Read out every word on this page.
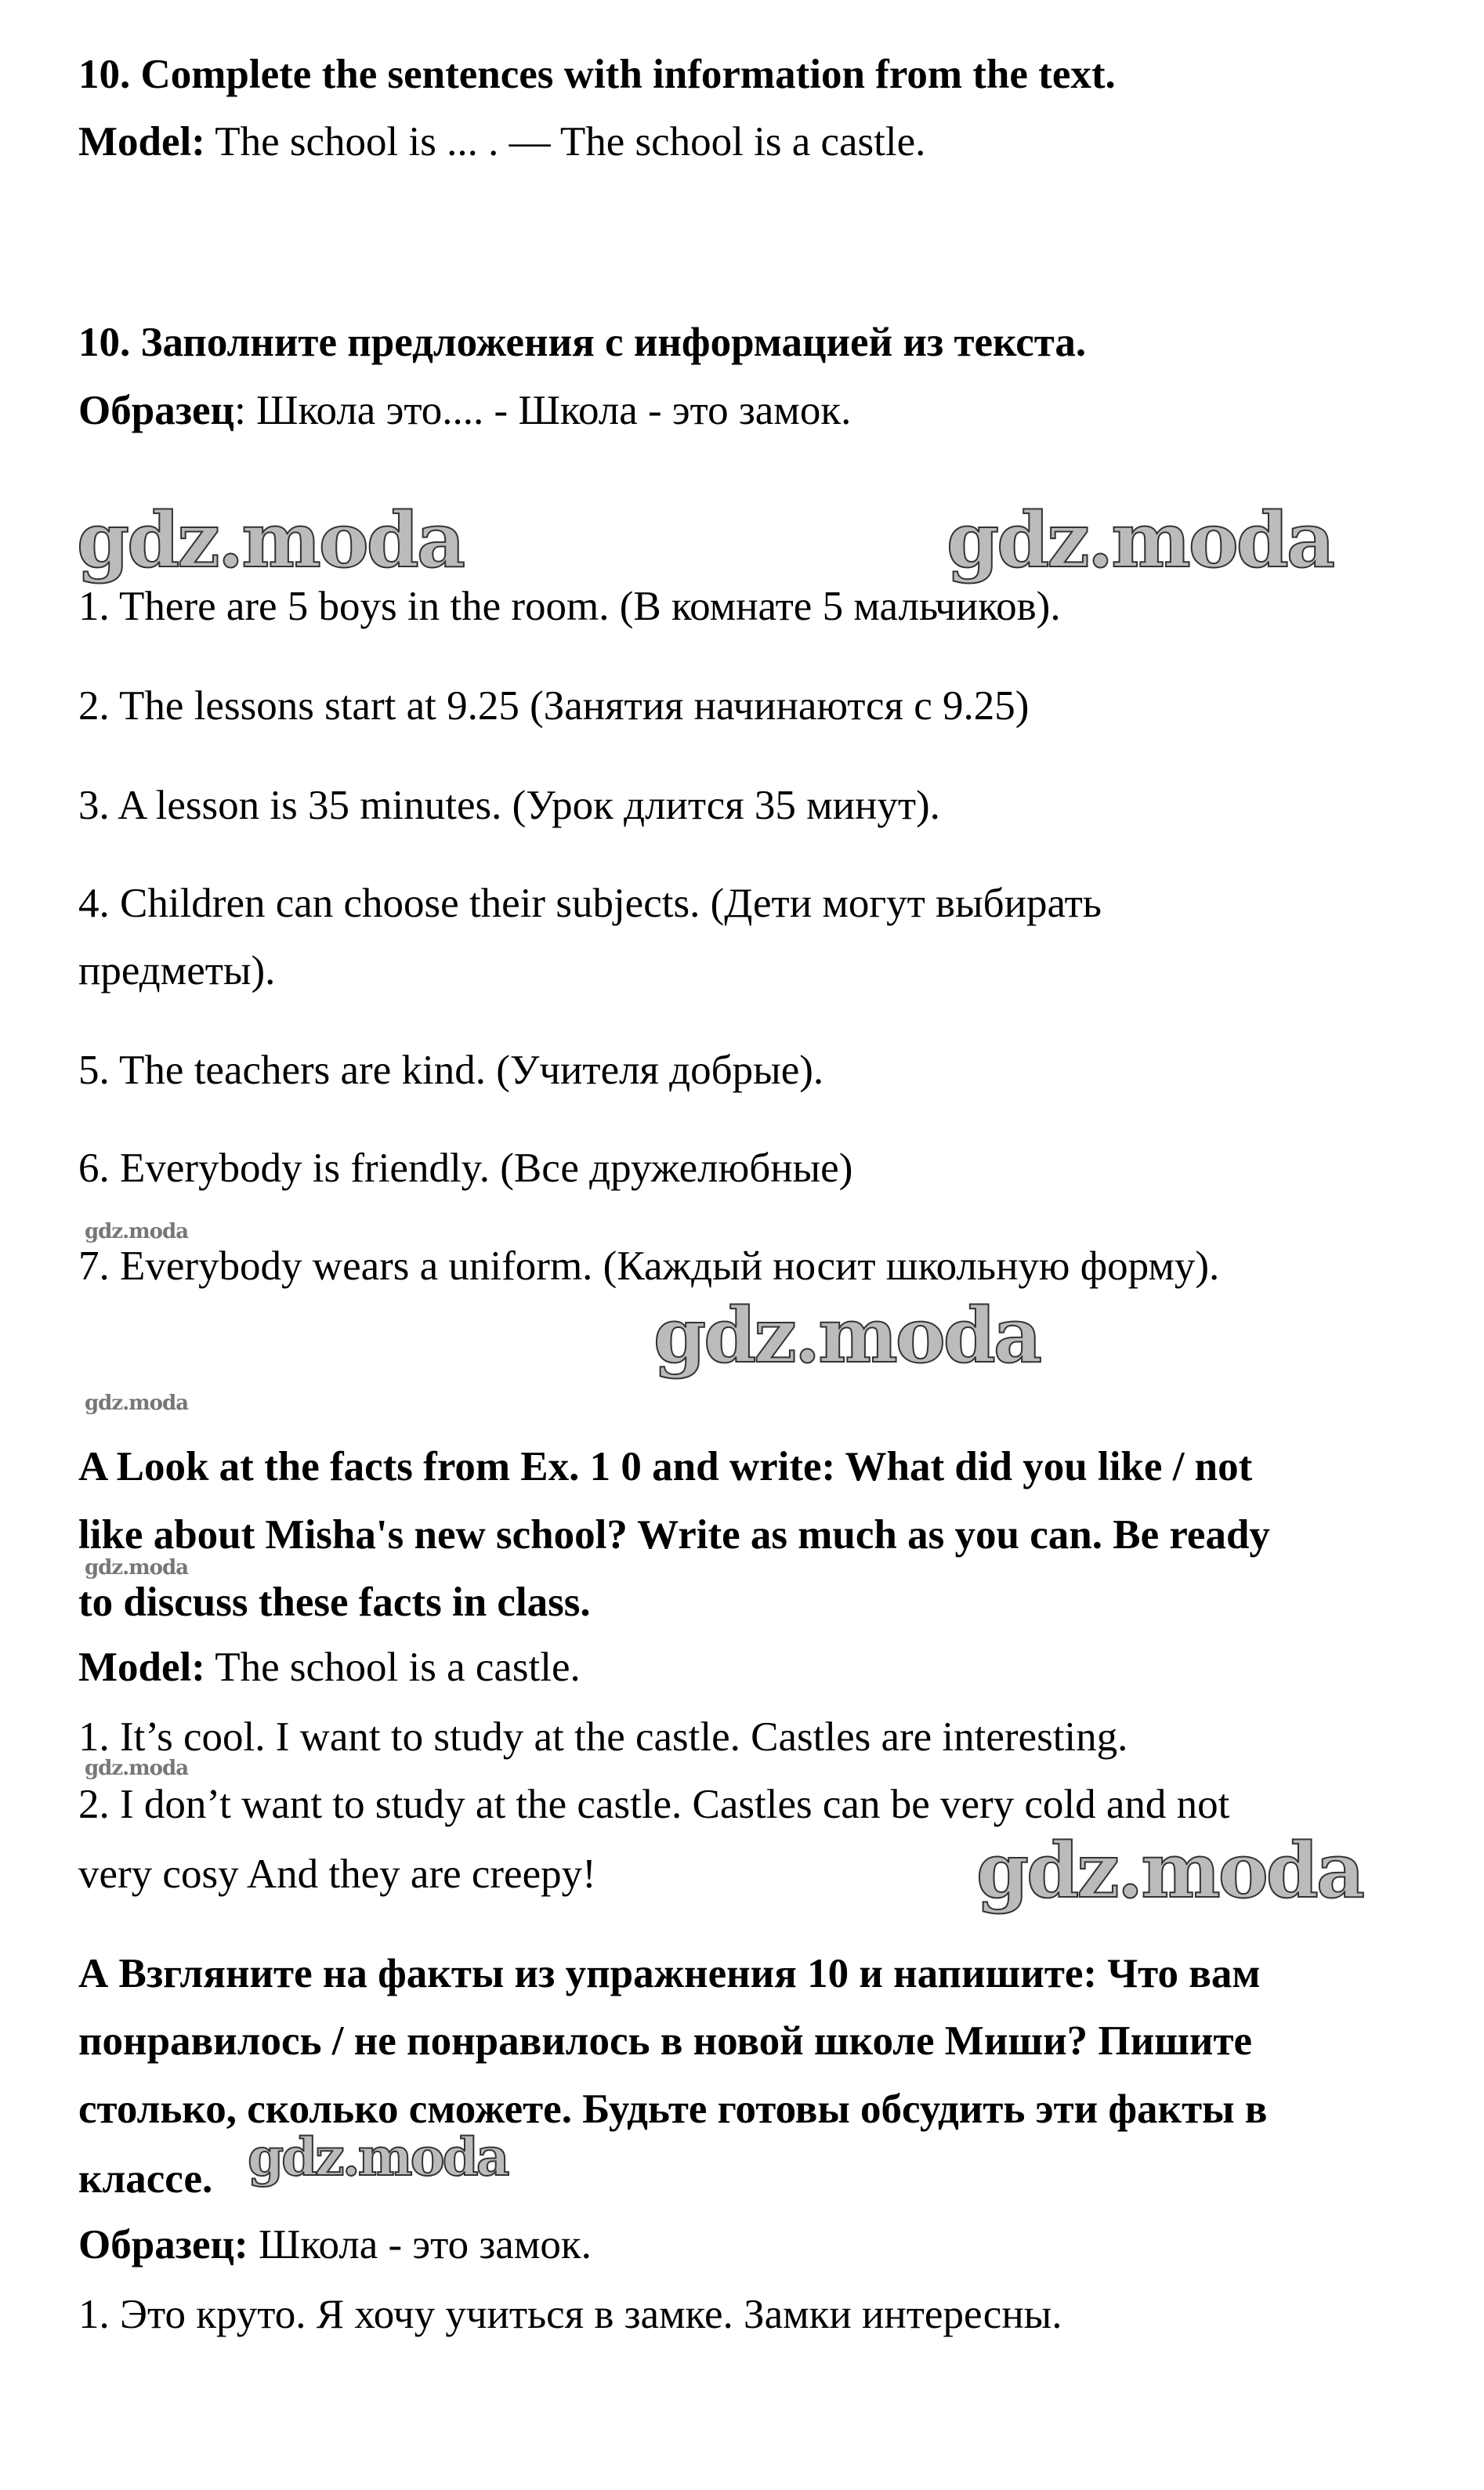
10. Complete the sentences with information from the text.
Model: The school is ... . — The school is a castle.
10. Заполните предложения с информацией из текста.
Образец: Школа это.... - Школа - это замок.
gdz.moda	gdz.moda
1. There are 5 boys in the room. (В комнате 5 мальчиков).
2. The lessons start at 9.25 (Занятия начинаются с 9.25)
3. A lesson is 35 minutes. (Урок длится 35 минут).
4. Children can choose their subjects. (Дети могут выбирать
предметы).
5. The teachers are kind. (Учителя добрые).
6. Everybody is friendly. (Все дружелюбные)
gdz.moda
7. Everybody wears a uniform. (Каждый носит школьную форму).
gdz.moda
gdz.moda
A Look at the facts from Ex. 1 0 and write: What did you like / not
like about Misha's new school? Write as much as you can. Be ready
gdz.moda
to discuss these facts in class.
Model: The school is a castle.
1. It’s cool. I want to study at the castle. Castles are interesting.
gdz.moda
2. I don’t want to study at the castle. Castles can be very cold and not
very cosy And they are creepy!	gdz.moda
А Взгляните на факты из упражнения 10 и напишите: Что вам
понравилось / не понравилось в новой школе Миши? Пишите
столько, сколько сможете. Будьте готовы обсудить эти факты в
классе. gdz.moda
Образец: Школа - это замок.
1. Это круто. Я хочу учиться в замке. Замки интересны.
